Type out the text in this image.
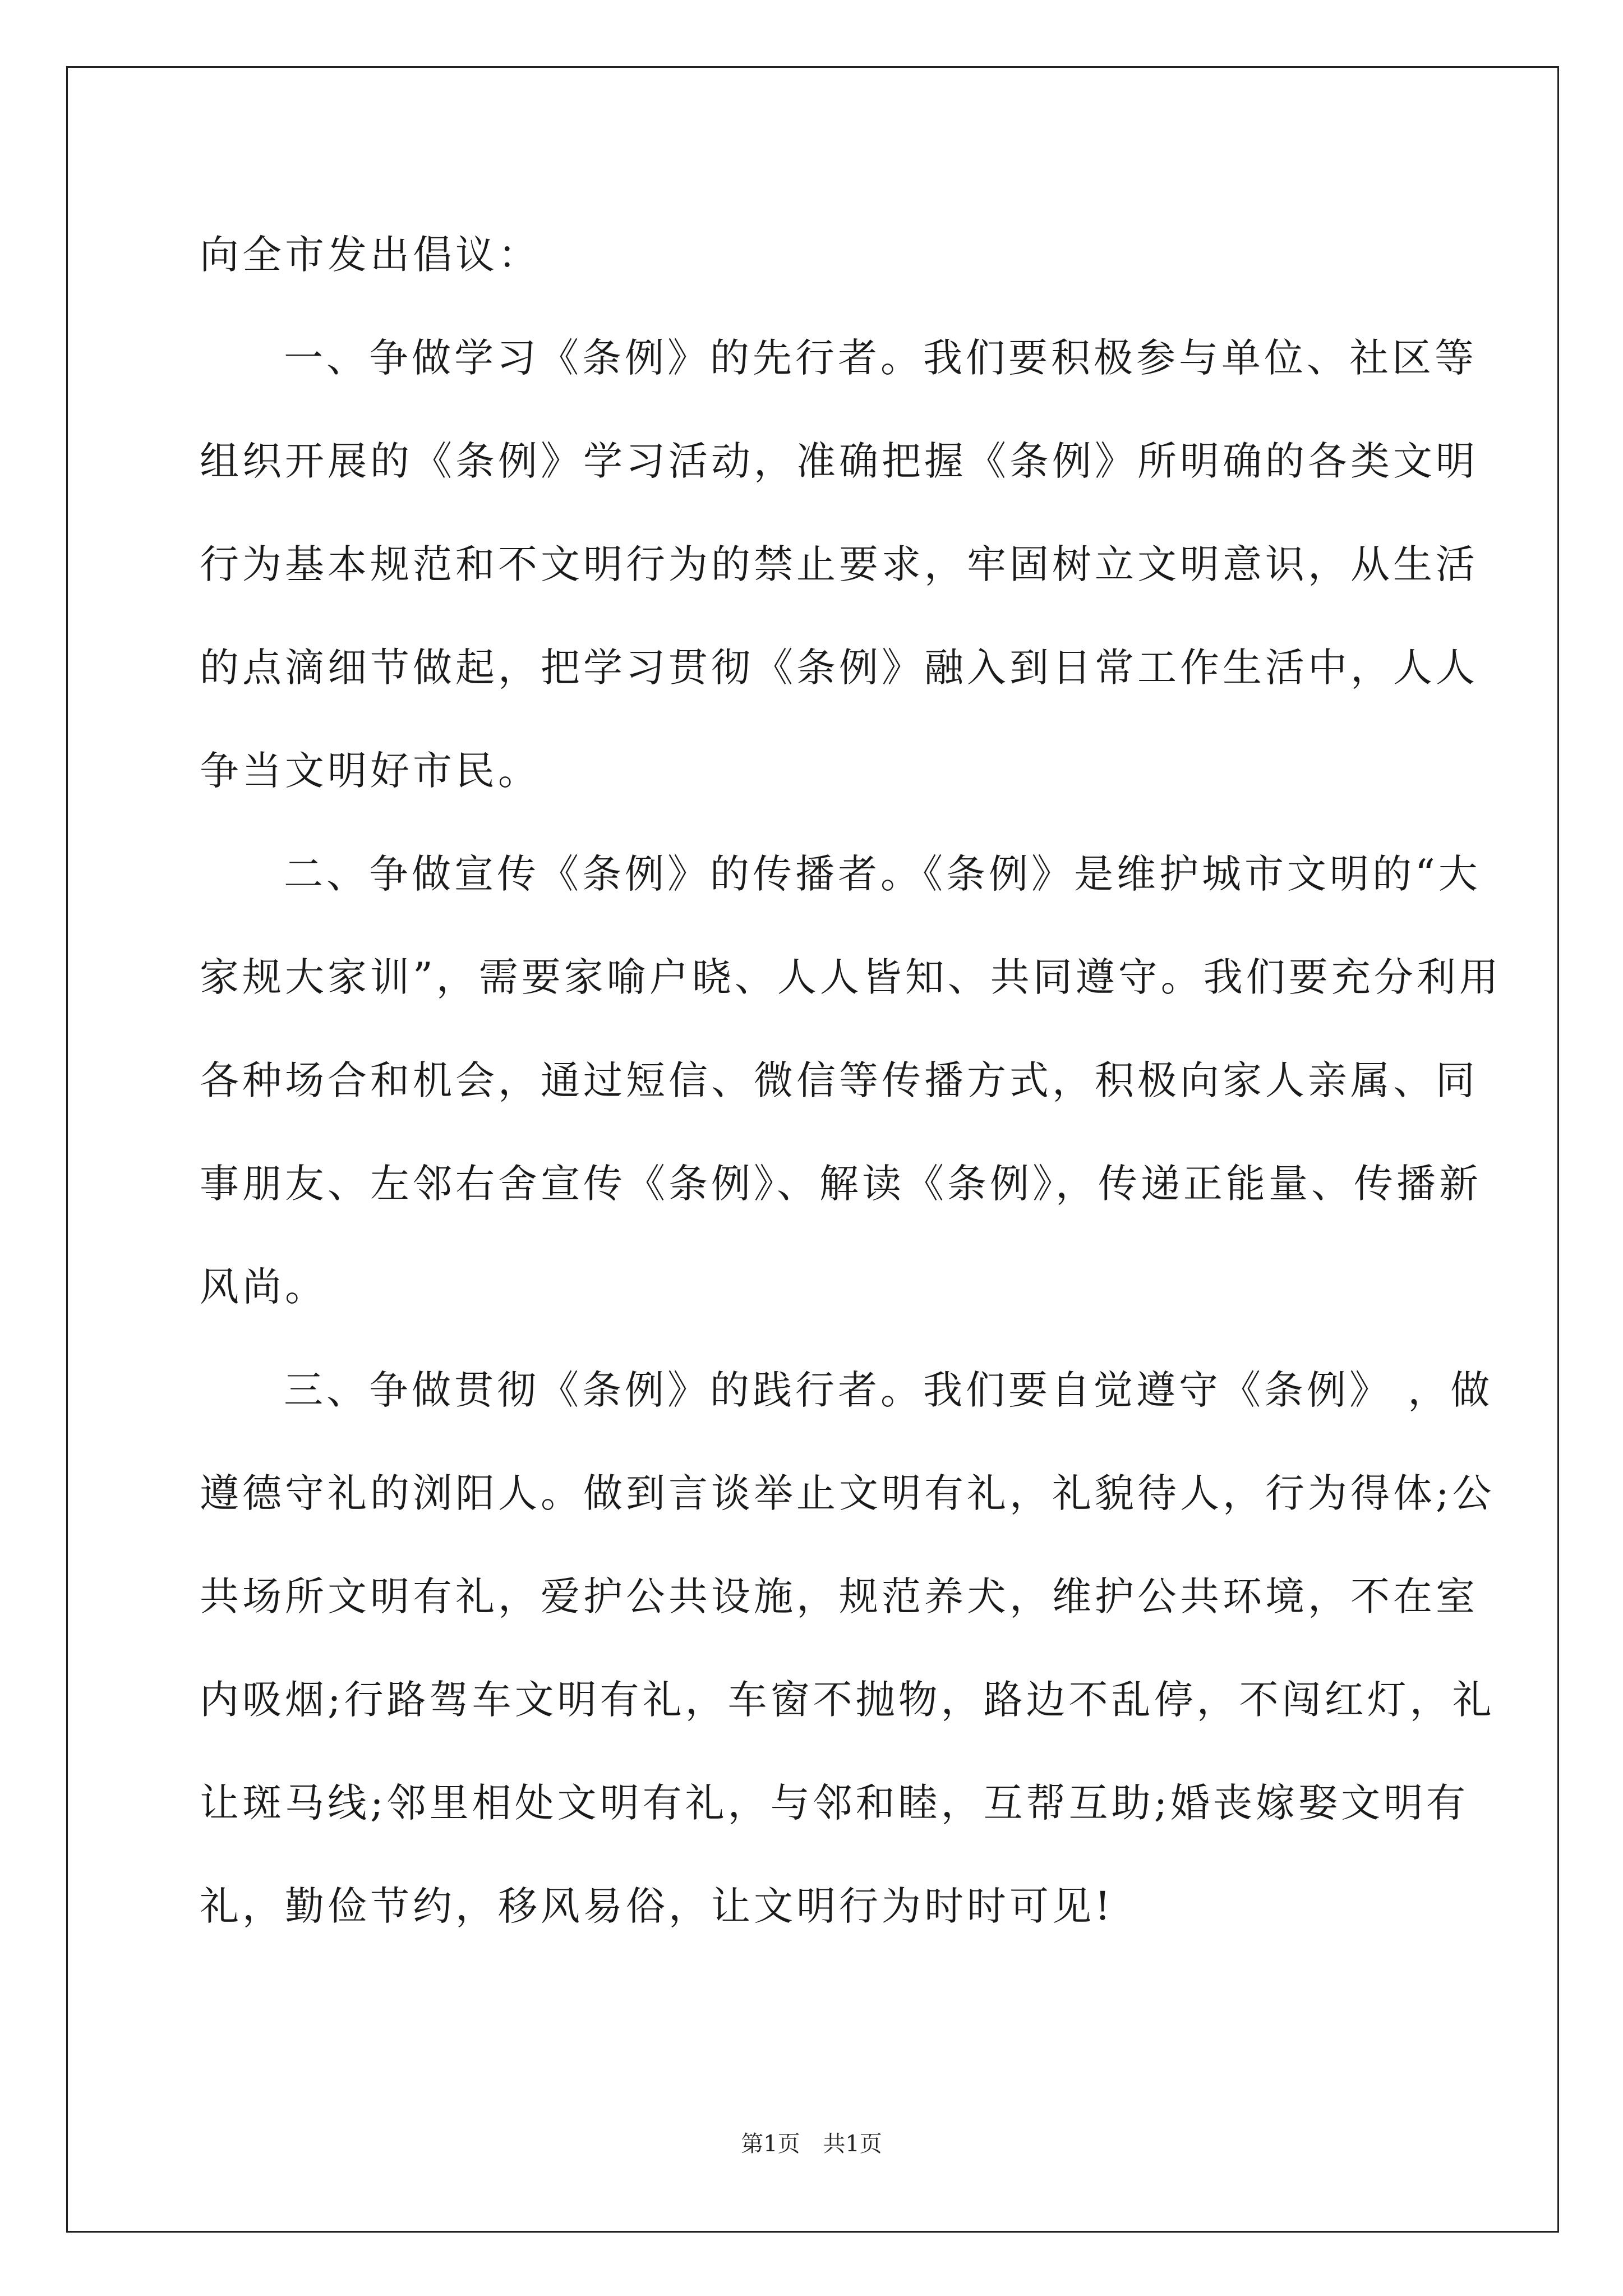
向全市发出倡议：
一、争做学习《条例》的先行者。我们要积极参与单位、社区等
组织开展的《条例》学习活动，准确把握《条例》所明确的各类文明
行为基本规范和不文明行为的禁止要求，牢固树立文明意识，从生活
的点滴细节做起，把学习贯彻《条例》融入到日常工作生活中，人人
争当文明好市民。
二、争做宣传《条例》的传播者。《条例》是维护城市文明的“大
家规大家训”，需要家喻户晓、人人皆知、共同遵守。我们要充分利用
各种场合和机会，通过短信、微信等传播方式，积极向家人亲属、同
事朋友、左邻右舍宣传《条例》、解读《条例》，传递正能量、传播新
风尚。
三、争做贯彻《条例》的践行者。我们要自觉遵守《条例》 ，做
遵德守礼的浏阳人。做到言谈举止文明有礼，礼貌待人，行为得体;公
共场所文明有礼，爱护公共设施，规范养犬，维护公共环境，不在室
内吸烟;行路驾车文明有礼，车窗不抛物，路边不乱停，不闯红灯，礼
让斑马线;邻里相处文明有礼，与邻和睦，互帮互助;婚丧嫁娶文明有
礼，勤俭节约，移风易俗，让文明行为时时可见!
第1页 共1页
